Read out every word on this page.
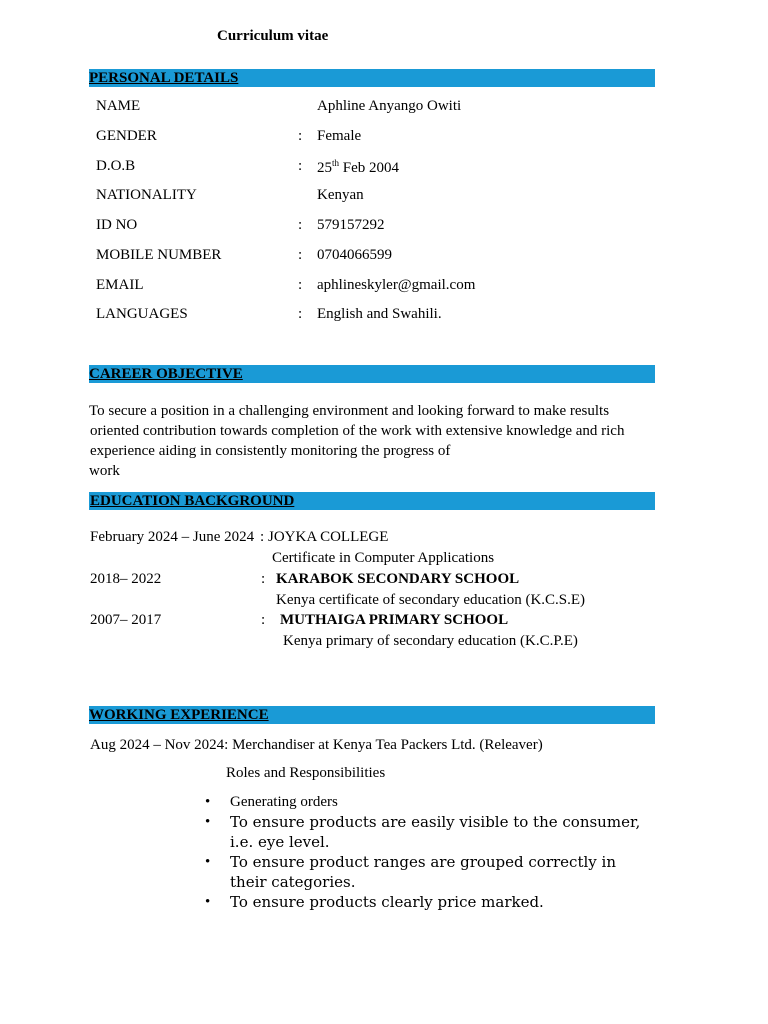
Curriculum vitae
PERSONAL DETAILS
NAME	Aphline Anyango Owiti
GENDER	: Female
D.O.B	: 25th Feb 2004
NATIONALITY	Kenyan
ID NO	: 579157292
MOBILE NUMBER	: 0704066599
EMAIL	: aphlineskyler@gmail.com
LANGUAGES	: English and Swahili.
CAREER OBJECTIVE
To secure a position in a challenging environment and looking forward to make results
oriented contribution towards completion of the work with extensive knowledge and rich
experience aiding in consistently monitoring the progress of
work
EDUCATION BACKGROUND
February 2024 – June 2024 : JOYKA COLLEGE
Certificate in Computer Applications
2018– 2022	: KARABOK SECONDARY SCHOOL
Kenya certificate of secondary education (K.C.S.E)
2007– 2017	: MUTHAIGA PRIMARY SCHOOL
Kenya primary of secondary education (K.C.P.E)
WORKING EXPERIENCE
Aug 2024 – Nov 2024: Merchandiser at Kenya Tea Packers Ltd. (Releaver)
Roles and Responsibilities
• Generating orders
• To ensure products are easily visible to the consumer, i.e. eye level.
• To ensure product ranges are grouped correctly in their categories.
• To ensure products clearly price marked.
